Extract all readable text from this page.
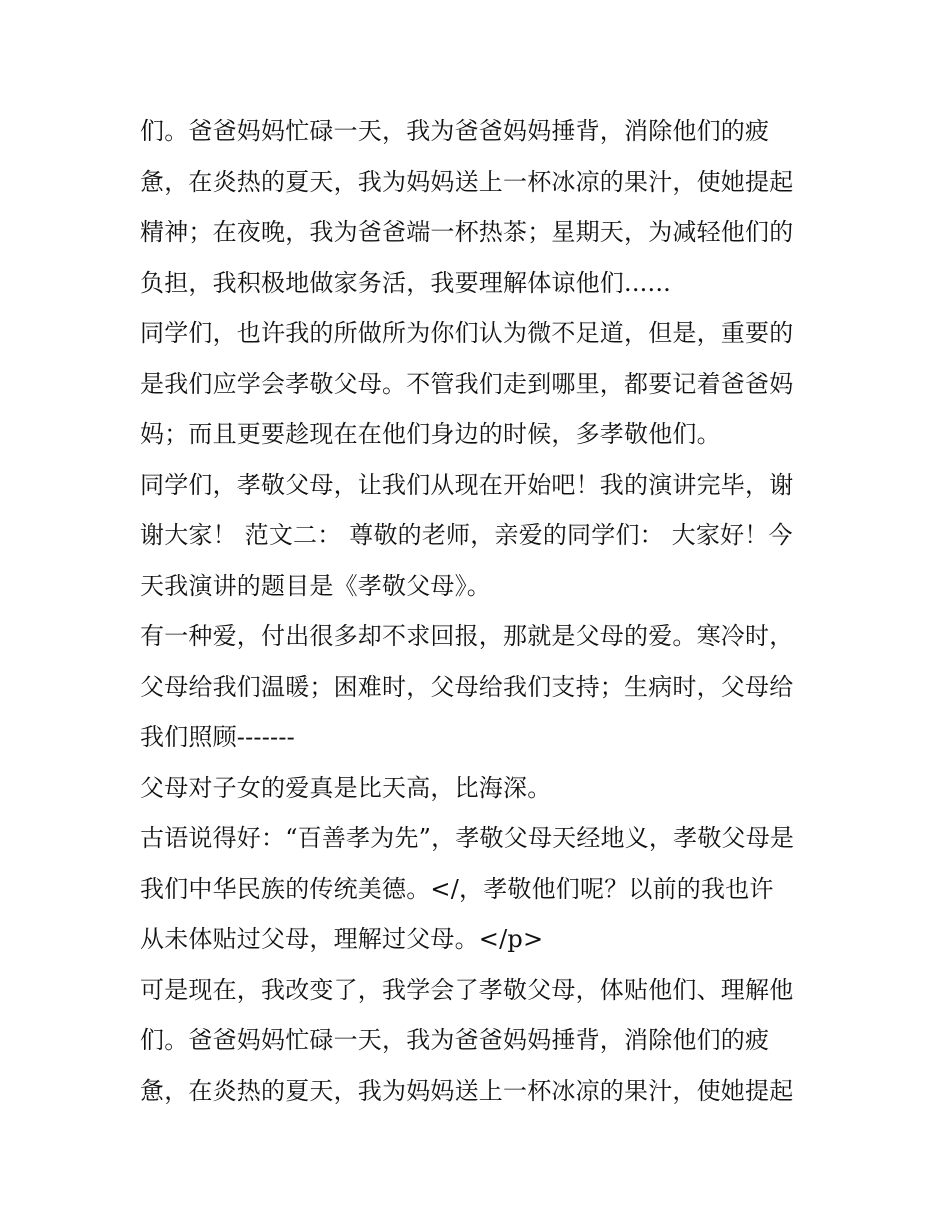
们。爸爸妈妈忙碌一天，我为爸爸妈妈捶背，消除他们的疲
惫，在炎热的夏天，我为妈妈送上一杯冰凉的果汁，使她提起
精神；在夜晚，我为爸爸端一杯热茶；星期天，为减轻他们的
负担，我积极地做家务活，我要理解体谅他们......
同学们，也许我的所做所为你们认为微不足道，但是，重要的
是我们应学会孝敬父母。不管我们走到哪里，都要记着爸爸妈
妈；而且更要趁现在在他们身边的时候，多孝敬他们。
同学们，孝敬父母，让我们从现在开始吧！我的演讲完毕，谢
谢大家！ 范文二： 尊敬的老师，亲爱的同学们： 大家好！今
天我演讲的题目是《孝敬父母》。
有一种爱，付出很多却不求回报，那就是父母的爱。寒冷时，
父母给我们温暖；困难时，父母给我们支持；生病时，父母给
我们照顾-------
父母对子女的爱真是比天高，比海深。
古语说得好：“百善孝为先”，孝敬父母天经地义，孝敬父母是
我们中华民族的传统美德。</，孝敬他们呢？以前的我也许
从未体贴过父母，理解过父母。</p>
可是现在，我改变了，我学会了孝敬父母，体贴他们、理解他
们。爸爸妈妈忙碌一天，我为爸爸妈妈捶背，消除他们的疲
惫，在炎热的夏天，我为妈妈送上一杯冰凉的果汁，使她提起
